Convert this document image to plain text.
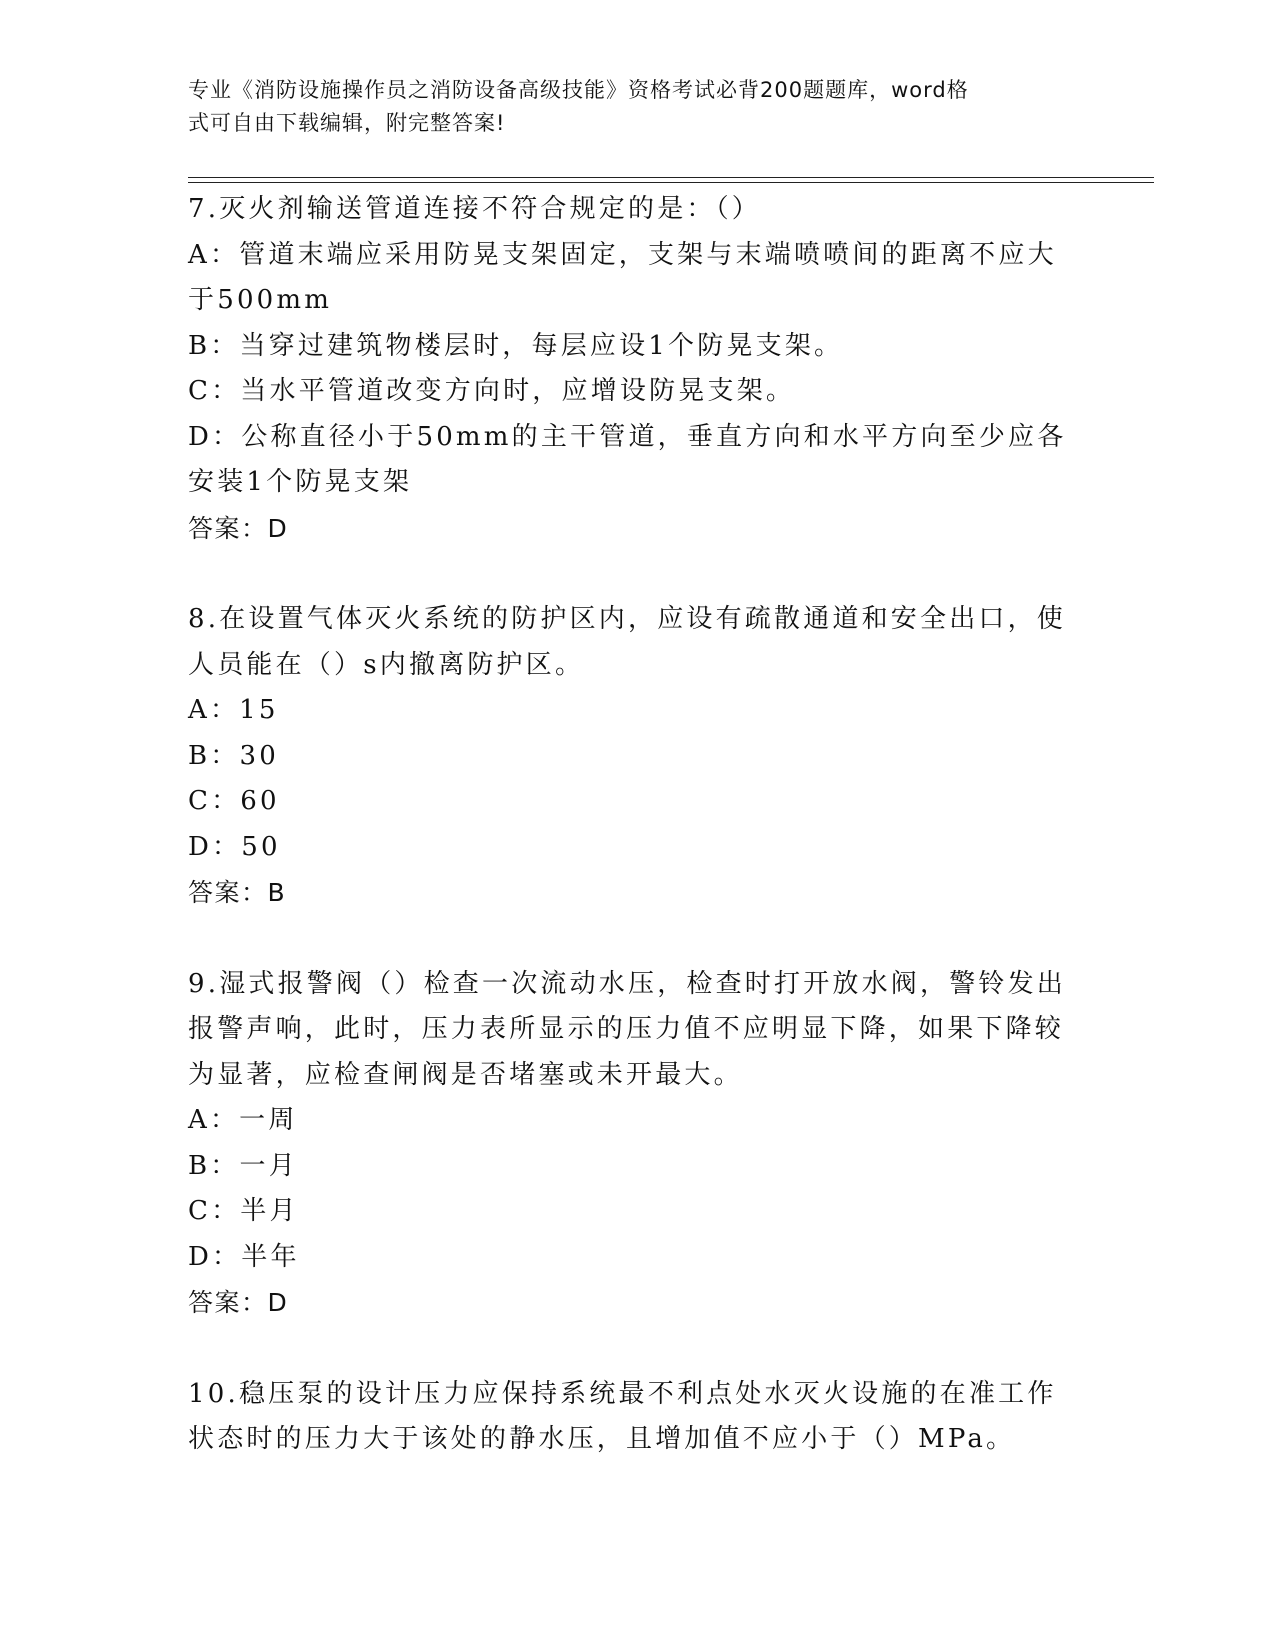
专业《消防设施操作员之消防设备高级技能》资格考试必背200题题库，word格
式可自由下载编辑，附完整答案!

7.灭火剂输送管道连接不符合规定的是：（）

A：管道末端应采用防晃支架固定，支架与末端喷喷间的距离不应大于500mm

B：当穿过建筑物楼层时，每层应设1个防晃支架。

C：当水平管道改变方向时，应增设防晃支架。

D：公称直径小于50mm的主干管道，垂直方向和水平方向至少应各安装1个防晃支架

答案：D

8.在设置气体灭火系统的防护区内，应设有疏散通道和安全出口，使人员能在（）s内撤离防护区。

A：15

B：30

C：60

D：50

答案：B

9.湿式报警阀（）检查一次流动水压，检查时打开放水阀，警铃发出报警声响，此时，压力表所显示的压力值不应明显下降，如果下降较为显著，应检查闸阀是否堵塞或未开最大。

A：一周

B：一月

C：半月

D：半年

答案：D

10.稳压泵的设计压力应保持系统最不利点处水灭火设施的在准工作状态时的压力大于该处的静水压，且增加值不应小于（）MPa。
